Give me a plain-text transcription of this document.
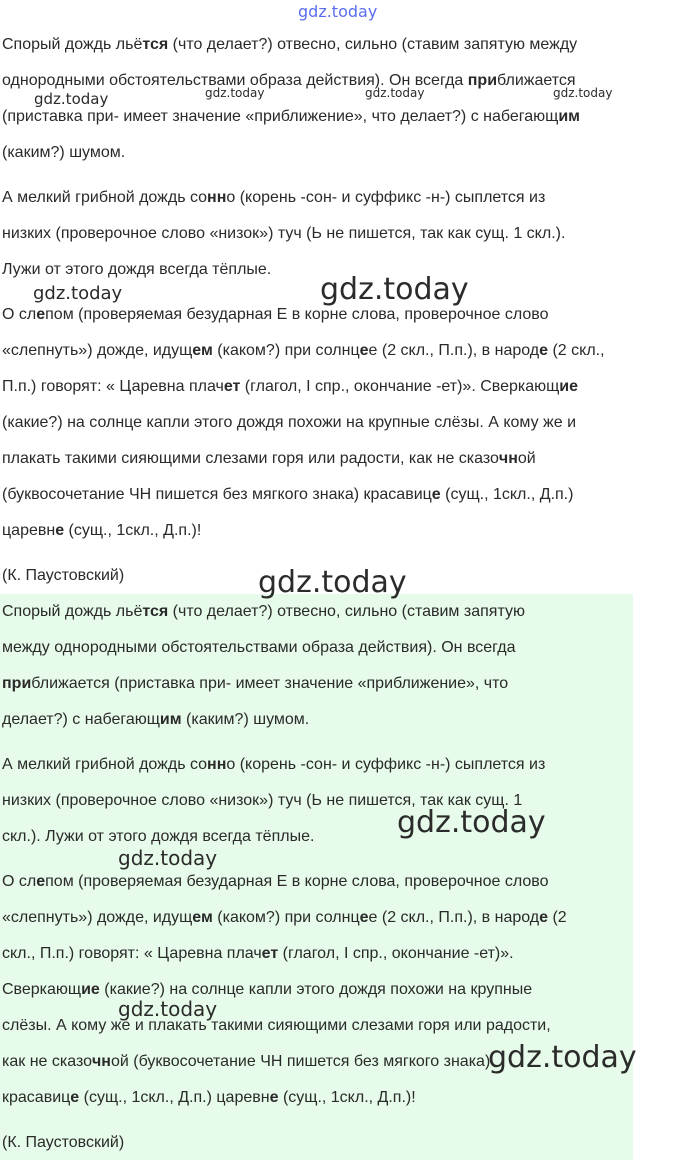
gdz.today
gdz.today	gdz.today	gdz.today	gdz.today
gdz.today	gdz.today
gdz.today
gdz.today
gdz.today
gdz.today
gdz.today
Спорый дождь льётся (что делает?) отвесно, сильно (ставим запятую между
однородными обстоятельствами образа действия). Он всегда приближается
(приставка при- имеет значение «приближение», что делает?) с набегающим
(каким?) шумом.
А мелкий грибной дождь сонно (корень -сон- и суффикс -н-) сыплется из
низких (проверочное слово «низок») туч (Ь не пишется, так как сущ. 1 скл.).
Лужи от этого дождя всегда тёплые.
О слепом (проверяемая безударная Е в корне слова, проверочное слово
«слепнуть») дожде, идущем (каком?) при солнцее (2 скл., П.п.), в народе (2 скл.,
П.п.) говорят: « Царевна плачет (глагол, I спр., окончание -ет)». Сверкающие
(какие?) на солнце капли этого дождя похожи на крупные слёзы. А кому же и
плакать такими сияющими слезами горя или радости, как не сказочной
(буквосочетание ЧН пишется без мягкого знака) красавице (сущ., 1скл., Д.п.)
царевне (сущ., 1скл., Д.п.)!
(К. Паустовский)
Спорый дождь льётся (что делает?) отвесно, сильно (ставим запятую
между однородными обстоятельствами образа действия). Он всегда
приближается (приставка при- имеет значение «приближение», что
делает?) с набегающим (каким?) шумом.
А мелкий грибной дождь сонно (корень -сон- и суффикс -н-) сыплется из
низких (проверочное слово «низок») туч (Ь не пишется, так как сущ. 1
скл.). Лужи от этого дождя всегда тёплые.
О слепом (проверяемая безударная Е в корне слова, проверочное слово
«слепнуть») дожде, идущем (каком?) при солнцее (2 скл., П.п.), в народе (2
скл., П.п.) говорят: « Царевна плачет (глагол, I спр., окончание -ет)».
Сверкающие (какие?) на солнце капли этого дождя похожи на крупные
слёзы. А кому же и плакать такими сияющими слезами горя или радости,
как не сказочной (буквосочетание ЧН пишется без мягкого знака)
красавице (сущ., 1скл., Д.п.) царевне (сущ., 1скл., Д.п.)!
(К. Паустовский)
